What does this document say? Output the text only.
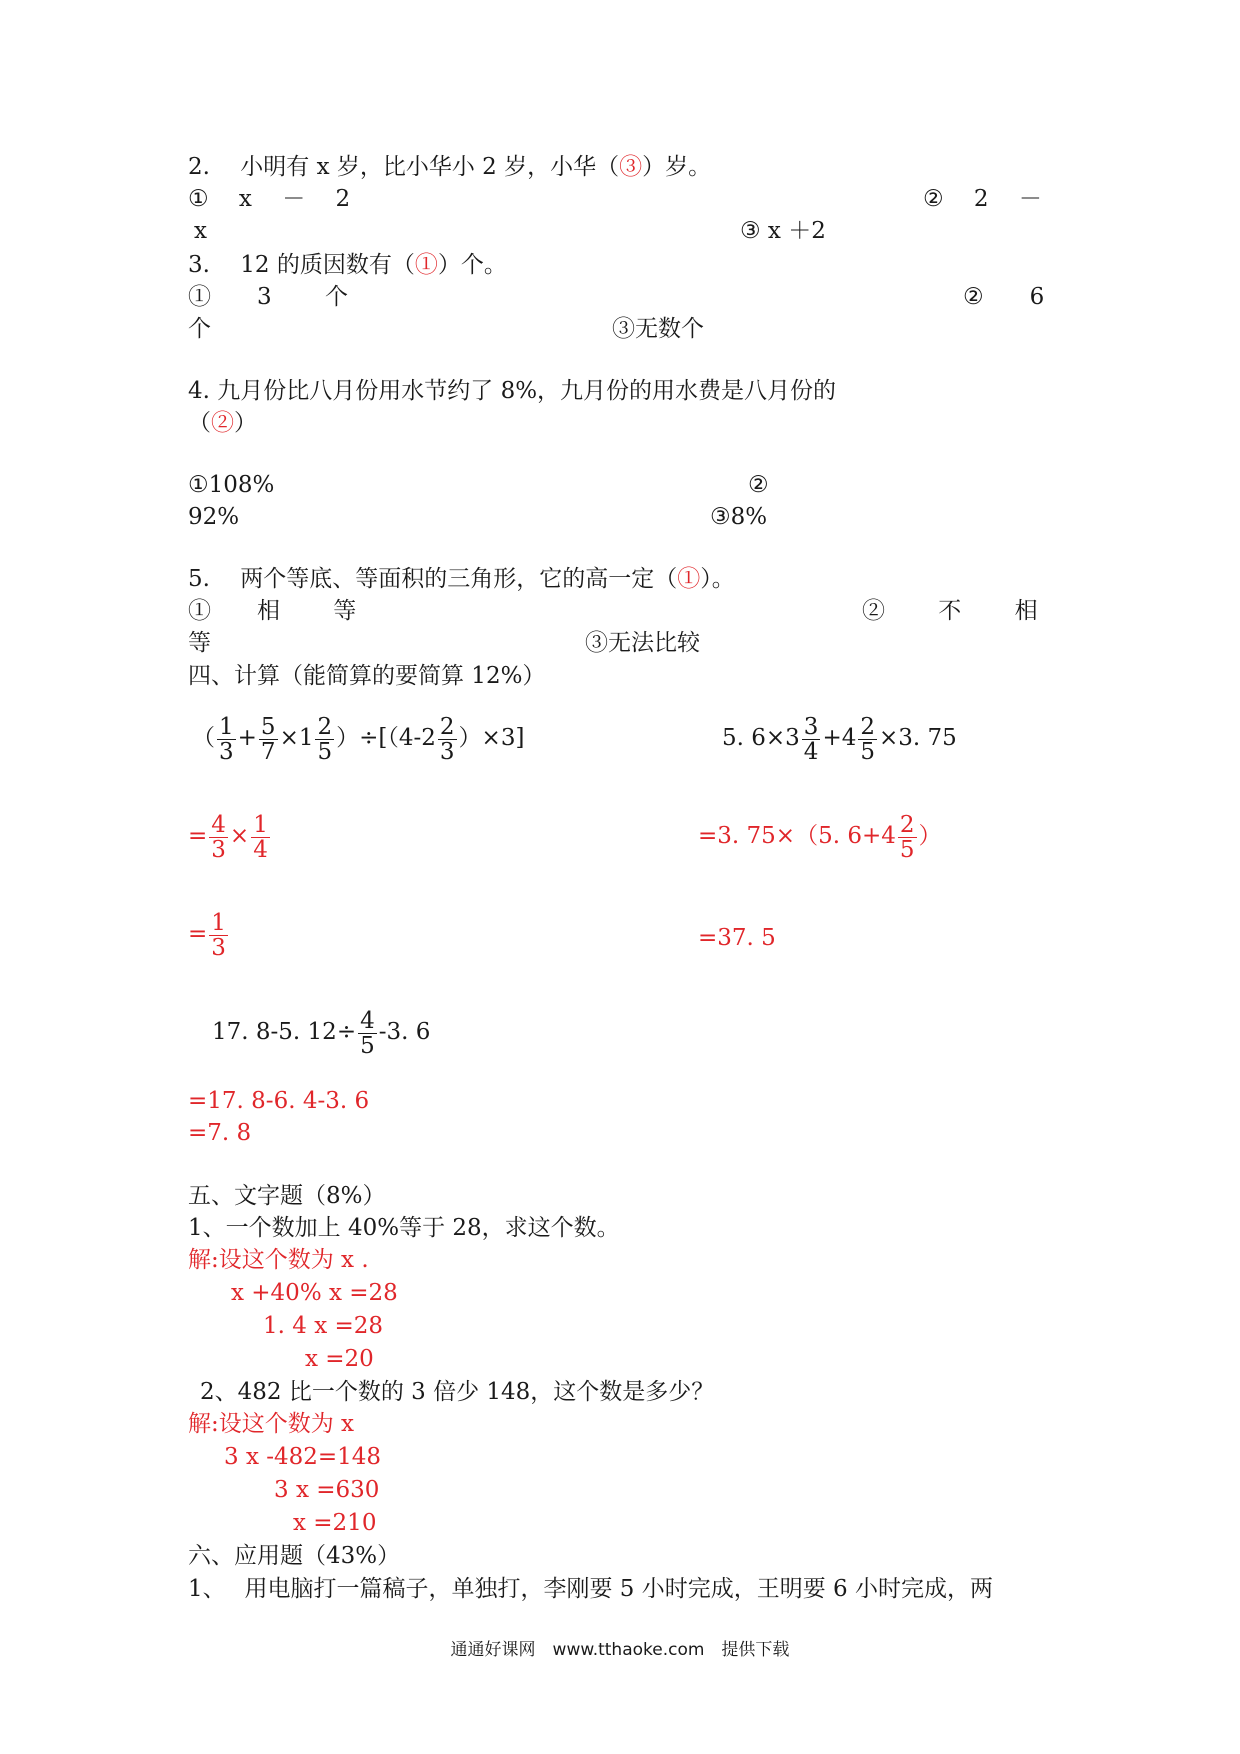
2.　 小明有 x 岁，比小华小 2 岁，小华（③）岁。
①　 x　 －　 2	②　 2　 －
x	③ x ＋2
3.　 12 的质因数有（①）个。
①　　3　　 个	②　　6
个	③无数个
4. 九月份比八月份用水节约了 8%，九月份的用水费是八月份的
（②）
①108%	②
92%	③8%
5.　 两个等底、等面积的三角形，它的高一定（①）。
①　　相　　 等	②　　 不　　 相
等	③无法比较
四、计算（能简算的要简算 12%）
（ $\frac{1}{3} + \frac{5}{7} \times 1 \frac{2}{5} )\div[(4-2 \frac{2}{3} )\times 3]$	5. $6\times 3 \frac{3}{4} +4 \frac{2}{5} \times 3$. 75
= $\frac{4}{3} \times \frac{1}{4}$	=3. 75×（5. $6+4 \frac{2}{5}$ ）
= $\frac{1}{3}$	=37. 5
17. 8-5. $12\div \frac{4}{5} -3$. 6
=17. 8-6. 4-3. 6
=7. 8
五、文字题（8%）
1、一个数加上 40%等于 28，求这个数。
解:设这个数为 x .
x +40% x =28
1. 4 x =28
x =20
2、482 比一个数的 3 倍少 148，这个数是多少？
解:设这个数为 x
3 x -482=148
3 x =630
x =210
六、应用题（43%）
1、　 用电脑打一篇稿子，单独打，李刚要 5 小时完成，王明要 6 小时完成，两
通通好课网　www.tthaoke.com　提供下载
